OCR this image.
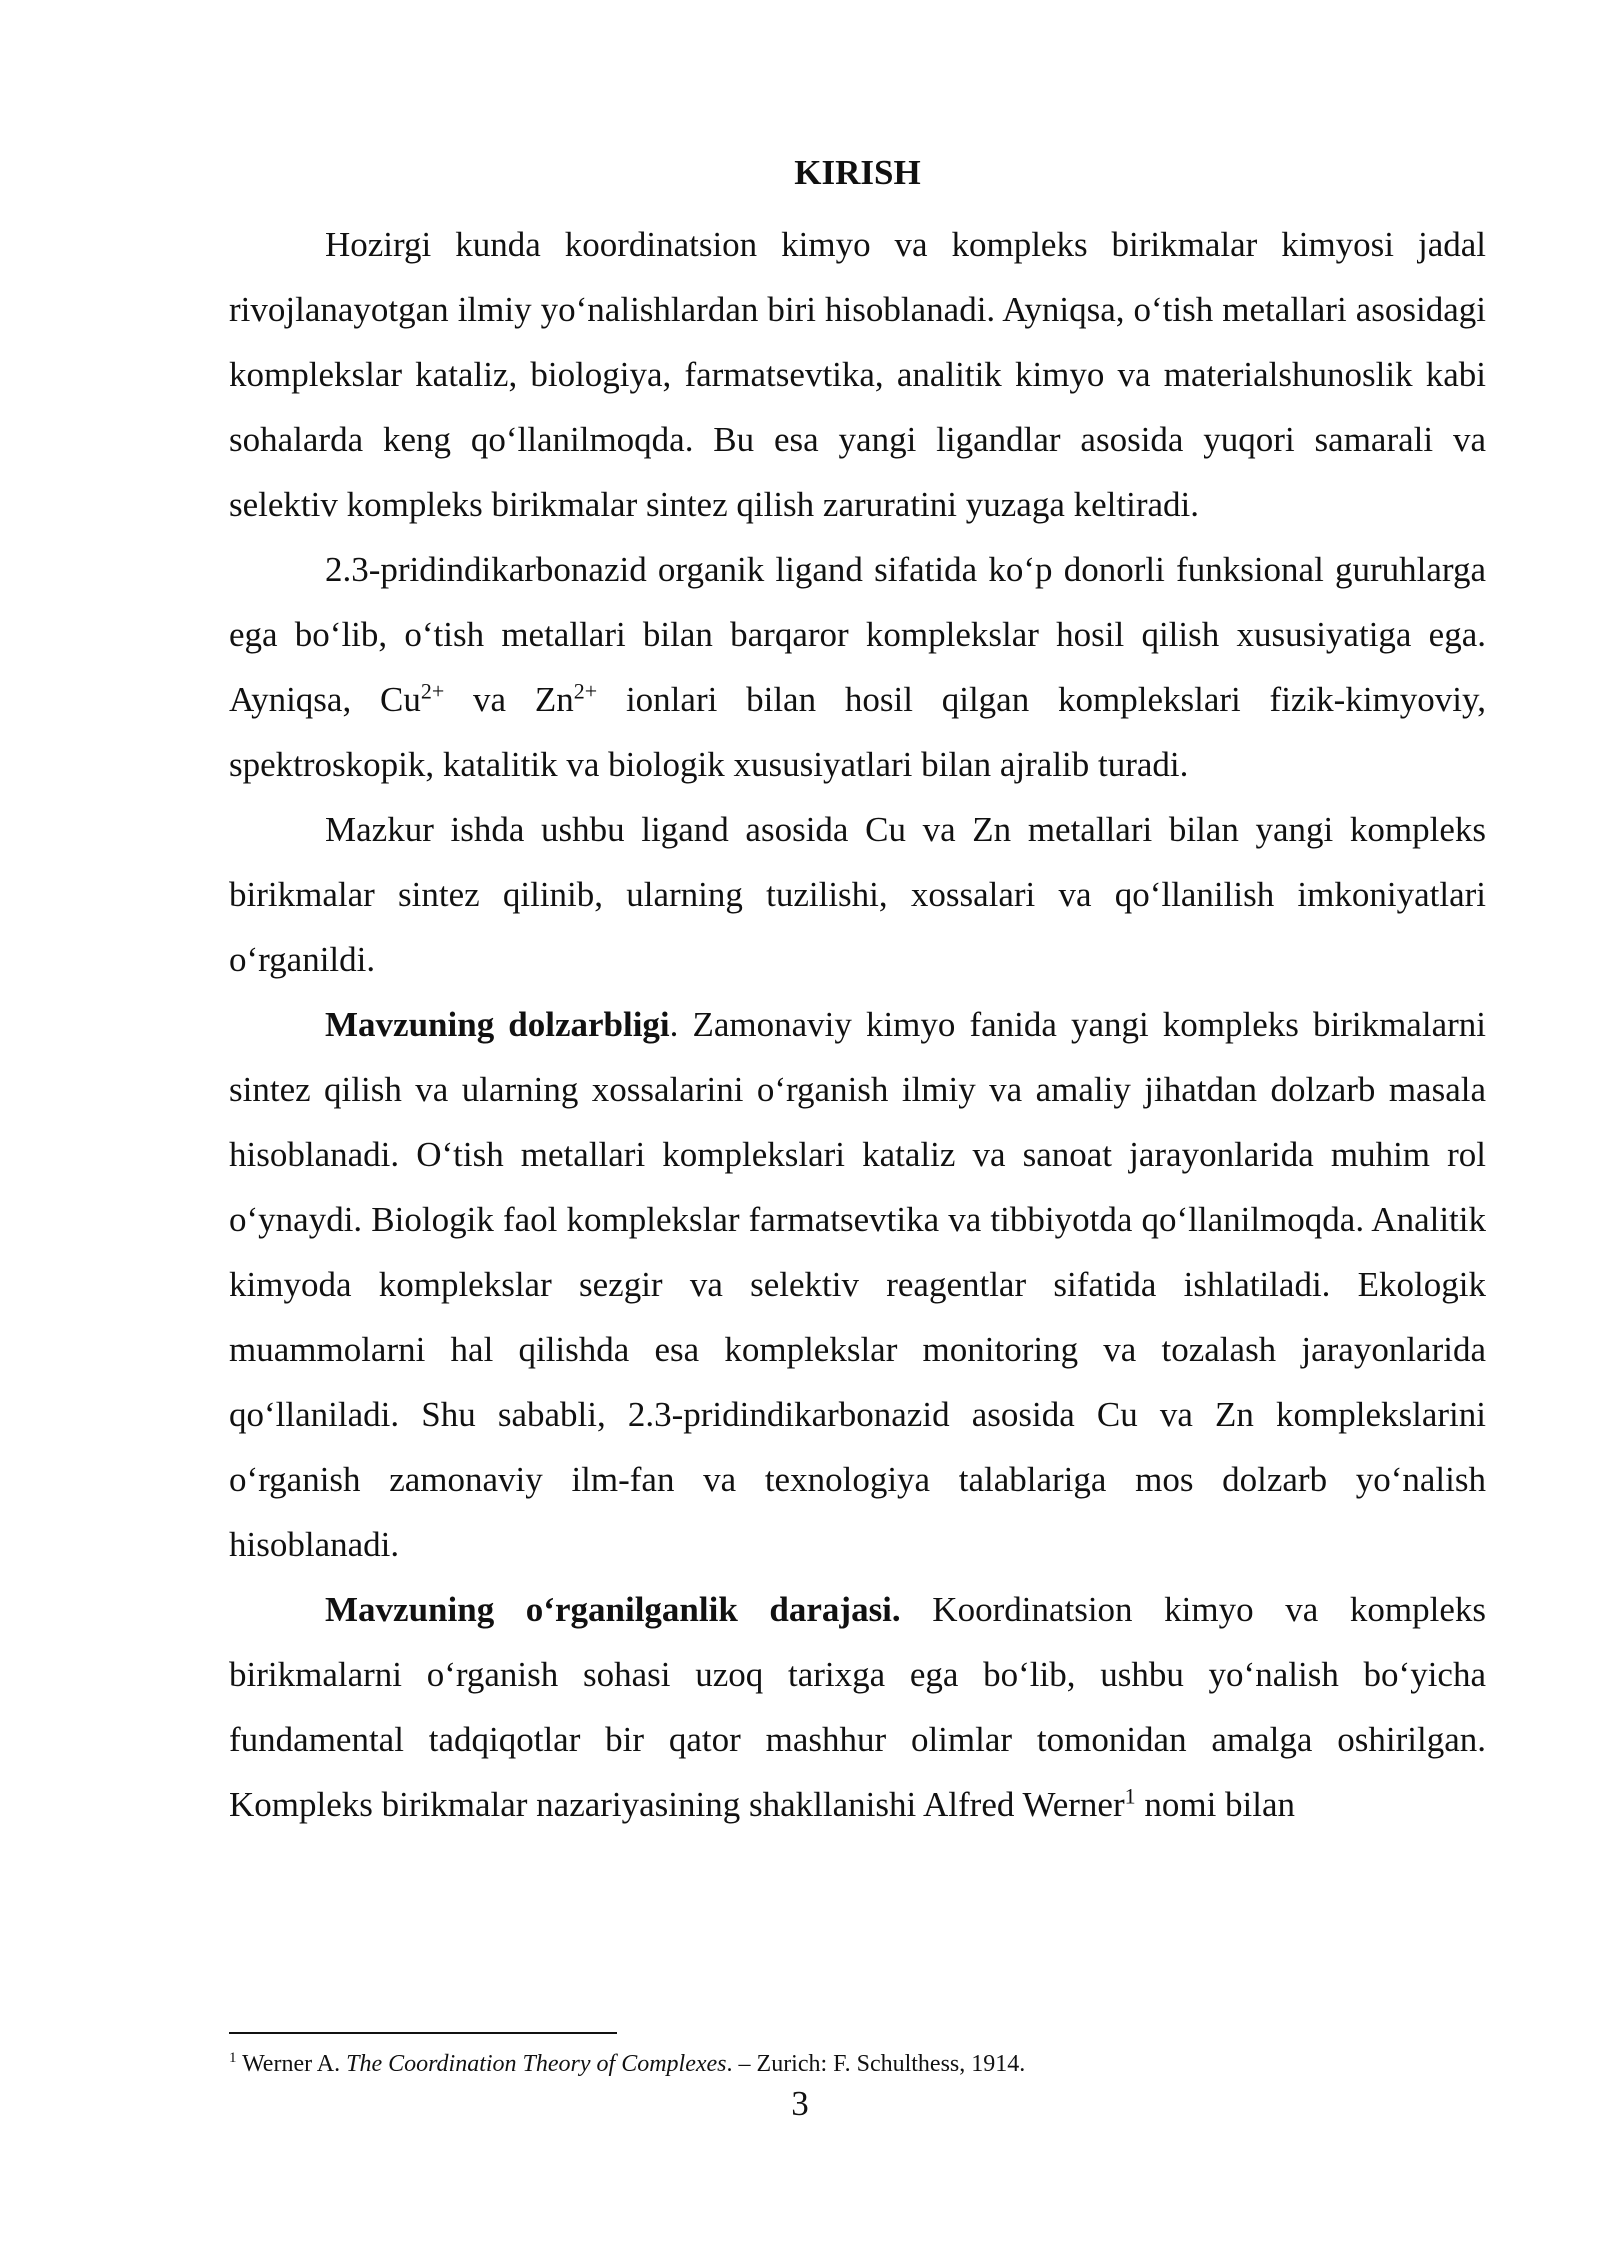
KIRISH

Hozirgi kunda koordinatsion kimyo va kompleks birikmalar kimyosi jadal rivojlanayotgan ilmiy yo‘nalishlardan biri hisoblanadi. Ayniqsa, o‘tish metallari asosidagi komplekslar kataliz, biologiya, farmatsevtika, analitik kimyo va materialshunoslik kabi sohalarda keng qo‘llanilmoqda. Bu esa yangi ligandlar asosida yuqori samarali va selektiv kompleks birikmalar sintez qilish zaruratini yuzaga keltiradi.

2.3-pridindikarbonazid organik ligand sifatida ko‘p donorli funksional guruhlarga ega bo‘lib, o‘tish metallari bilan barqaror komplekslar hosil qilish xususiyatiga ega. Ayniqsa, $Cu^{2+}$ va $Zn^{2+}$ ionlari bilan hosil qilgan komplekslari fizik-kimyoviy, spektroskopik, katalitik va biologik xususiyatlari bilan ajralib turadi.

Mazkur ishda ushbu ligand asosida Cu va Zn metallari bilan yangi kompleks birikmalar sintez qilinib, ularning tuzilishi, xossalari va qo‘llanilish imkoniyatlari o‘rganildi.

Mavzuning dolzarbligi. Zamonaviy kimyo fanida yangi kompleks birikmalarni sintez qilish va ularning xossalarini o‘rganish ilmiy va amaliy jihatdan dolzarb masala hisoblanadi. O‘tish metallari komplekslari kataliz va sanoat jarayonlarida muhim rol o‘ynaydi. Biologik faol komplekslar farmatsevtika va tibbiyotda qo‘llanilmoqda. Analitik kimyoda komplekslar sezgir va selektiv reagentlar sifatida ishlatiladi. Ekologik muammolarni hal qilishda esa komplekslar monitoring va tozalash jarayonlarida qo‘llaniladi. Shu sababli, 2.3-pridindikarbonazid asosida Cu va Zn komplekslarini o‘rganish zamonaviy ilm-fan va texnologiya talablariga mos dolzarb yo‘nalish hisoblanadi.

Mavzuning o‘rganilganlik darajasi. Koordinatsion kimyo va kompleks birikmalarni o‘rganish sohasi uzoq tarixga ega bo‘lib, ushbu yo‘nalish bo‘yicha fundamental tadqiqotlar bir qator mashhur olimlar tomonidan amalga oshirilgan. Kompleks birikmalar nazariyasining shakllanishi Alfred Werner$^1$ nomi bilan

$^1$ Werner A. The Coordination Theory of Complexes. – Zurich: F. Schulthess, 1914.
3
